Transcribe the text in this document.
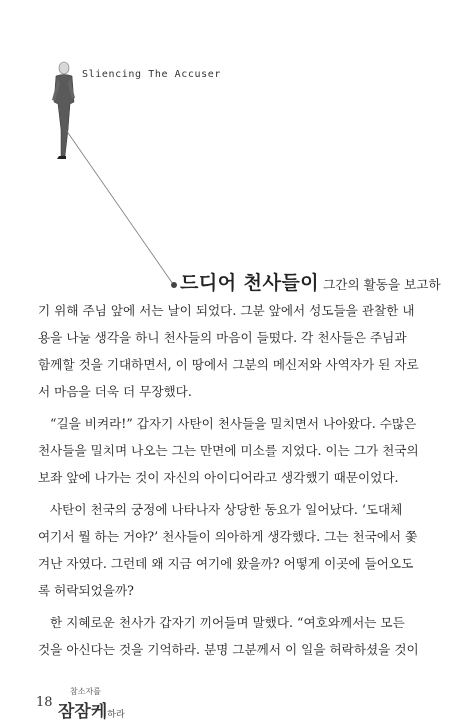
Sliencing The Accuser
드디어 천사들이 그간의 활동을 보고하
기 위해 주님 앞에 서는 날이 되었다. 그분 앞에서 성도들을 관찰한 내
용을 나눌 생각을 하니 천사들의 마음이 들떴다. 각 천사들은 주님과
함께할 것을 기대하면서, 이 땅에서 그분의 메신저와 사역자가 된 자로
서 마음을 더욱 더 무장했다.
“길을 비켜라!” 갑자기 사탄이 천사들을 밀치면서 나아왔다. 수많은
천사들을 밀치며 나오는 그는 만면에 미소를 지었다. 이는 그가 천국의
보좌 앞에 나가는 것이 자신의 아이디어라고 생각했기 때문이었다.
사탄이 천국의 궁정에 나타나자 상당한 동요가 일어났다. ‘도대체
여기서 뭘 하는 거야?’ 천사들이 의아하게 생각했다. 그는 천국에서 쫓
겨난 자였다. 그런데 왜 지금 여기에 왔을까? 어떻게 이곳에 들어오도
록 허락되었을까?
한 지혜로운 천사가 갑자기 끼어들며 말했다. “여호와께서는 모든
것을 아신다는 것을 기억하라. 분명 그분께서 이 일을 허락하셨을 것이
18
참소자를
잠잠케하라
